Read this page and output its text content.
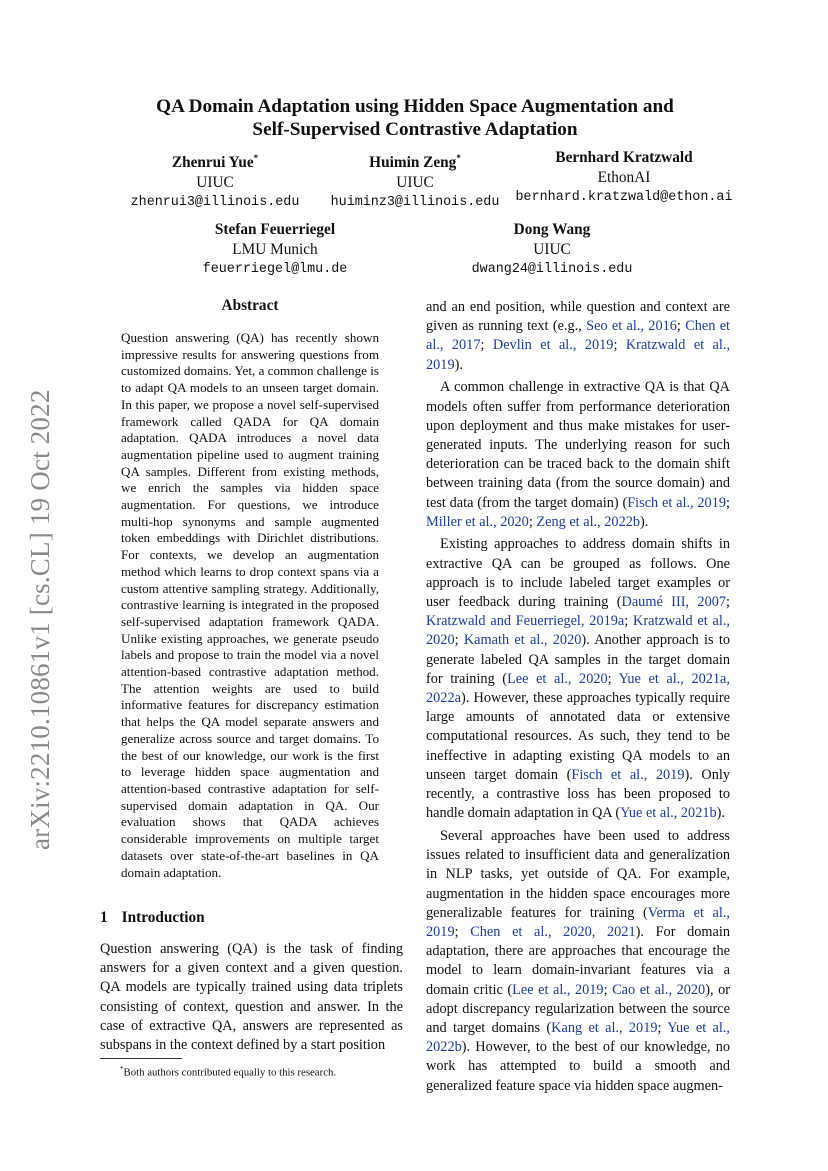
arXiv:2210.10861v1 [cs.CL] 19 Oct 2022
QA Domain Adaptation using Hidden Space Augmentation and
Self-Supervised Contrastive Adaptation
Zhenrui Yue*
UIUC
zhenrui3@illinois.edu
Huimin Zeng*
UIUC
huiminz3@illinois.edu
Bernhard Kratzwald
EthonAI
bernhard.kratzwald@ethon.ai
Stefan Feuerriegel
LMU Munich
feuerriegel@lmu.de
Dong Wang
UIUC
dwang24@illinois.edu
Abstract
Question answering (QA) has recently shown impressive results for answering questions from customized domains. Yet, a common challenge is to adapt QA models to an unseen target domain. In this paper, we propose a novel self-supervised framework called QADA for QA domain adaptation. QADA introduces a novel data augmentation pipeline used to augment training QA samples. Different from existing methods, we enrich the samples via hidden space augmentation. For questions, we introduce multi-hop synonyms and sample augmented token embeddings with Dirichlet distributions. For contexts, we develop an augmentation method which learns to drop context spans via a custom attentive sampling strategy. Additionally, contrastive learning is integrated in the proposed self-supervised adaptation framework QADA. Unlike existing approaches, we generate pseudo labels and propose to train the model via a novel attention-based contrastive adaptation method. The attention weights are used to build informative features for discrepancy estimation that helps the QA model separate answers and generalize across source and target domains. To the best of our knowledge, our work is the first to leverage hidden space augmentation and attention-based contrastive adaptation for self-supervised domain adaptation in QA. Our evaluation shows that QADA achieves considerable improvements on multiple target datasets over state-of-the-art baselines in QA domain adaptation.
1 Introduction
Question answering (QA) is the task of finding answers for a given context and a given question. QA models are typically trained using data triplets consisting of context, question and answer. In the case of extractive QA, answers are represented as subspans in the context defined by a start position
*Both authors contributed equally to this research.

and an end position, while question and context are given as running text (e.g., Seo et al., 2016; Chen et al., 2017; Devlin et al., 2019; Kratzwald et al., 2019).

A common challenge in extractive QA is that QA models often suffer from performance deterioration upon deployment and thus make mistakes for user-generated inputs. The underlying reason for such deterioration can be traced back to the domain shift between training data (from the source domain) and test data (from the target domain) (Fisch et al., 2019; Miller et al., 2020; Zeng et al., 2022b).

Existing approaches to address domain shifts in extractive QA can be grouped as follows. One approach is to include labeled target examples or user feedback during training (Daumé III, 2007; Kratzwald and Feuerriegel, 2019a; Kratzwald et al., 2020; Kamath et al., 2020). Another approach is to generate labeled QA samples in the target domain for training (Lee et al., 2020; Yue et al., 2021a, 2022a). However, these approaches typically require large amounts of annotated data or extensive computational resources. As such, they tend to be ineffective in adapting existing QA models to an unseen target domain (Fisch et al., 2019). Only recently, a contrastive loss has been proposed to handle domain adaptation in QA (Yue et al., 2021b).

Several approaches have been used to address issues related to insufficient data and generalization in NLP tasks, yet outside of QA. For example, augmentation in the hidden space encourages more generalizable features for training (Verma et al., 2019; Chen et al., 2020, 2021). For domain adaptation, there are approaches that encourage the model to learn domain-invariant features via a domain critic (Lee et al., 2019; Cao et al., 2020), or adopt discrepancy regularization between the source and target domains (Kang et al., 2019; Yue et al., 2022b). However, to the best of our knowledge, no work has attempted to build a smooth and generalized feature space via hidden space augmen-
